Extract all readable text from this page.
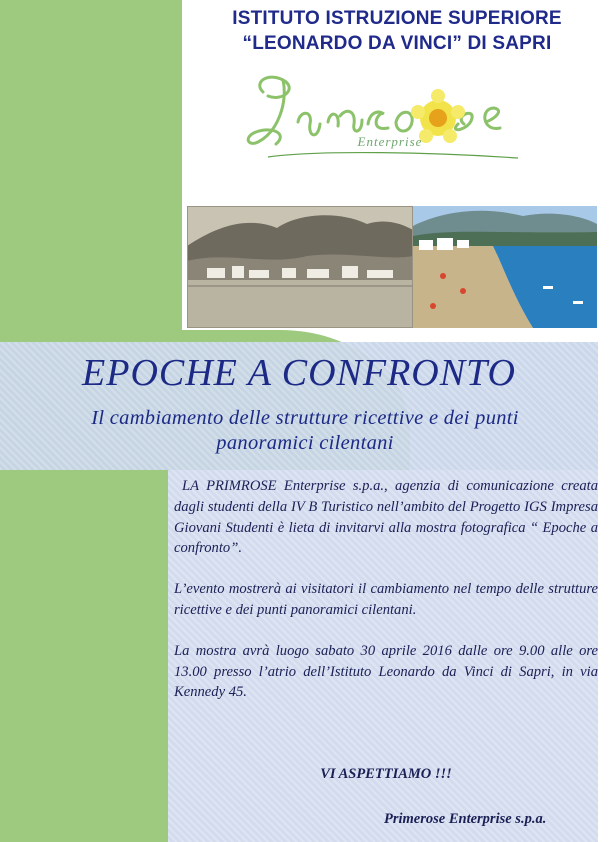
ISTITUTO ISTRUZIONE SUPERIORE
“LEONARDO DA VINCI” DI SAPRI
Enterprise
EPOCHE A CONFRONTO
Il cambiamento delle strutture ricettive e dei punti
panoramici cilentani

LA PRIMROSE Enterprise s.p.a., agenzia di comunicazione creata dagli studenti della IV B Turistico nell’ambito del Progetto IGS Impresa Giovani Studenti è lieta di invitarvi alla mostra fotografica “ Epoche a confronto”.

L’evento mostrerà ai visitatori il cambiamento nel tempo delle strutture ricettive e dei punti panoramici cilentani.

La mostra avrà luogo sabato 30 aprile 2016 dalle ore 9.00 alle ore 13.00 presso l’atrio dell’Istituto Leonardo da Vinci di Sapri, in via Kennedy 45.

VI ASPETTIAMO !!!
Primerose Enterprise s.p.a.
